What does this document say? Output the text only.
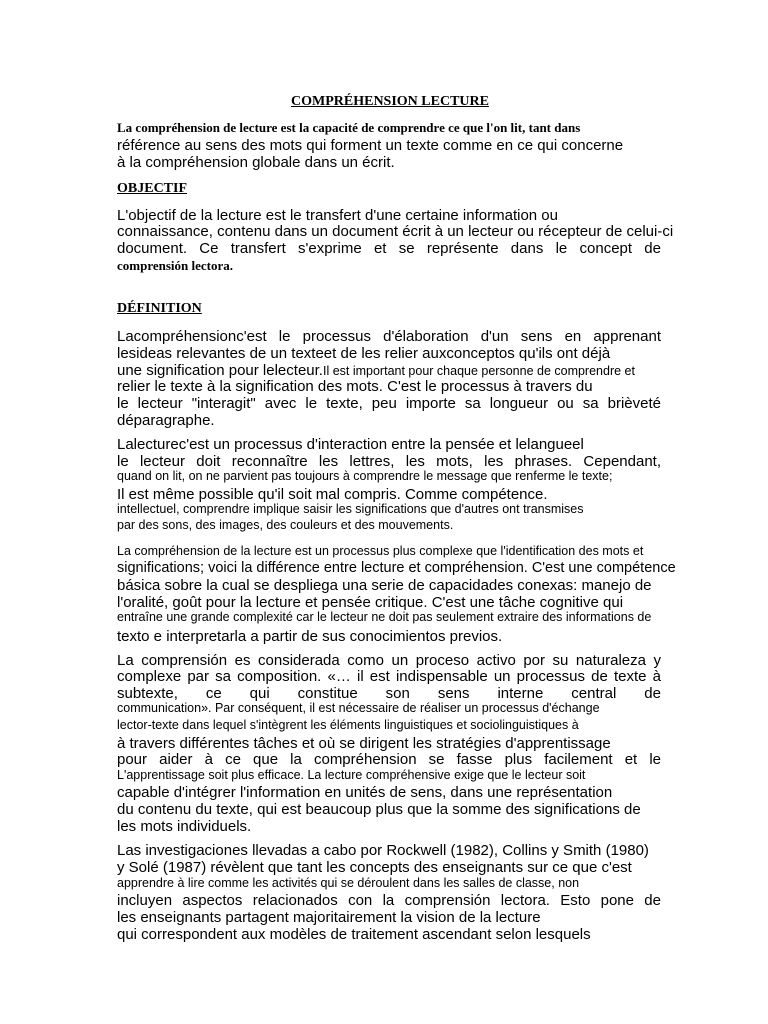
COMPRÉHENSION LECTURE
La compréhension de lecture est la capacité de comprendre ce que l'on lit, tant dans
référence au sens des mots qui forment un texte comme en ce qui concerne
à la compréhension globale dans un écrit.
OBJECTIF
L'objectif de la lecture est le transfert d'une certaine information ou
connaissance, contenu dans un document écrit à un lecteur ou récepteur de celui-ci
document. Ce transfert s'exprime et se représente dans le concept de
comprensión lectora.
DÉFINITION
Lacompréhensionc'est le processus d'élaboration d'un sens en apprenant
lesideas relevantes de un texteet de les relier auxconceptos qu'ils ont déjà
une signification pour lelecteur.Il est important pour chaque personne de comprendre et
relier le texte à la signification des mots. C'est le processus à travers du
le lecteur "interagit" avec le texte, peu importe sa longueur ou sa brièveté
déparagraphe.
Lalecturec'est un processus d'interaction entre la pensée et lelangueel
le lecteur doit reconnaître les lettres, les mots, les phrases. Cependant,
quand on lit, on ne parvient pas toujours à comprendre le message que renferme le texte;
Il est même possible qu'il soit mal compris. Comme compétence.
intellectuel, comprendre implique saisir les significations que d'autres ont transmises
par des sons, des images, des couleurs et des mouvements.
La compréhension de la lecture est un processus plus complexe que l'identification des mots et
significations; voici la différence entre lecture et compréhension. C'est une compétence
básica sobre la cual se despliega una serie de capacidades conexas: manejo de
l'oralité, goût pour la lecture et pensée critique. C'est une tâche cognitive qui
entraîne une grande complexité car le lecteur ne doit pas seulement extraire des informations de
texto e interpretarla a partir de sus conocimientos previos.
La comprensión es considerada como un proceso activo por su naturaleza y
complexe par sa composition. «… il est indispensable un processus de texte à
subtexte, ce qui constitue son sens interne central de
communication». Par conséquent, il est nécessaire de réaliser un processus d'échange
lector-texte dans lequel s'intègrent les éléments linguistiques et sociolinguistiques à
à travers différentes tâches et où se dirigent les stratégies d'apprentissage
pour aider à ce que la compréhension se fasse plus facilement et le
L'apprentissage soit plus efficace. La lecture compréhensive exige que le lecteur soit
capable d'intégrer l'information en unités de sens, dans une représentation
du contenu du texte, qui est beaucoup plus que la somme des significations de
les mots individuels.
Las investigaciones llevadas a cabo por Rockwell (1982), Collins y Smith (1980)
y Solé (1987) révèlent que tant les concepts des enseignants sur ce que c'est
apprendre à lire comme les activités qui se déroulent dans les salles de classe, non
incluyen aspectos relacionados con la comprensión lectora. Esto pone de
les enseignants partagent majoritairement la vision de la lecture
qui correspondent aux modèles de traitement ascendant selon lesquels
